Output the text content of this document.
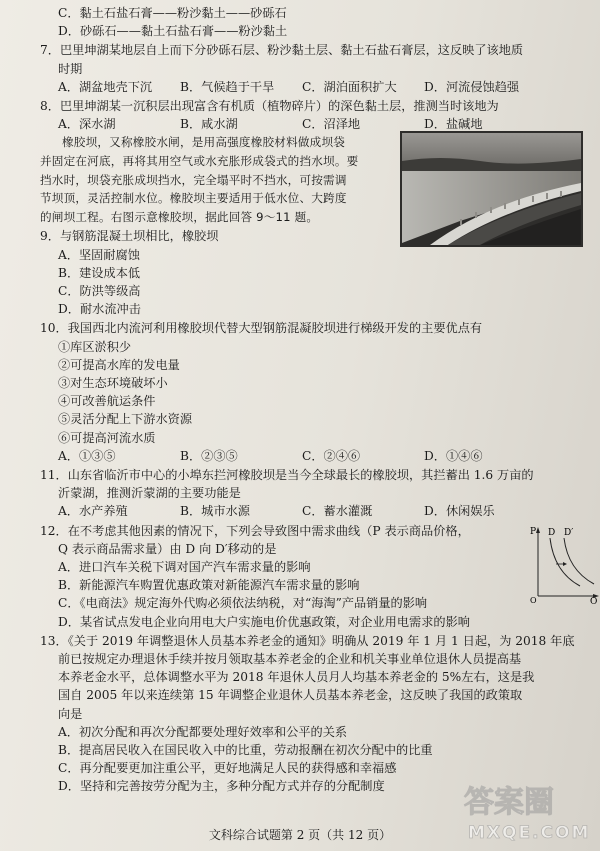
C．黏土石盐石膏——粉沙黏土——砂砾石
D．砂砾石——黏土石盐石膏——粉沙黏土
7．巴里坤湖某地层自上而下分砂砾石层、粉沙黏土层、黏土石盐石膏层，这反映了该地质
时期
A．湖盆地壳下沉	B．气候趋于干旱	C．湖泊面积扩大	D．河流侵蚀趋强
8．巴里坤湖某一沉积层出现富含有机质（植物碎片）的深色黏土层，推测当时该地为
A．深水湖	B．咸水湖	C．沼泽地	D．盐碱地
橡胶坝，又称橡胶水闸，是用高强度橡胶材料做成坝袋
并固定在河底，再将其用空气或水充胀形成袋式的挡水坝。要
挡水时，坝袋充胀成坝挡水，完全塌平时不挡水，可按需调
节坝顶，灵活控制水位。橡胶坝主要适用于低水位、大跨度
的闸坝工程。右图示意橡胶坝，据此回答 9～11 题。
9．与钢筋混凝土坝相比，橡胶坝
A．坚固耐腐蚀
B．建设成本低
C．防洪等级高
D．耐水流冲击
10．我国西北内流河利用橡胶坝代替大型钢筋混凝胶坝进行梯级开发的主要优点有
①库区淤积少
②可提高水库的发电量
③对生态环境破坏小
④可改善航运条件
⑤灵活分配上下游水资源
⑥可提高河流水质
A．①③⑤	B．②③⑤	C．②④⑥	D．①④⑥
11．山东省临沂市中心的小埠东拦河橡胶坝是当今全球最长的橡胶坝，其拦蓄出 1.6 万亩的
沂蒙湖，推测沂蒙湖的主要功能是
A．水产养殖	B．城市水源	C．蓄水灌溉	D．休闲娱乐
12．在不考虑其他因素的情况下，下列会导致图中需求曲线（P 表示商品价格，
Q 表示商品需求量）由 D 向 D′移动的是
A．进口汽车关税下调对国产汽车需求量的影响
B．新能源汽车购置优惠政策对新能源汽车需求量的影响
C．《电商法》规定海外代购必须依法纳税，对“海淘”产品销量的影响
D．某省试点发电企业向用电大户实施电价优惠政策，对企业用电需求的影响
P D D′
O	Q
13．《关于 2019 年调整退休人员基本养老金的通知》明确从 2019 年 1 月 1 日起，为 2018 年底
前已按规定办理退休手续并按月领取基本养老金的企业和机关事业单位退休人员提高基
本养老金水平，总体调整水平为 2018 年退休人员月人均基本养老金的 5%左右，这是我
国自 2005 年以来连续第 15 年调整企业退休人员基本养老金，这反映了我国的政策取
向是
A．初次分配和再次分配都要处理好效率和公平的关系
B．提高居民收入在国民收入中的比重，劳动报酬在初次分配中的比重
C．再分配要更加注重公平，更好地满足人民的获得感和幸福感
D．坚持和完善按劳分配为主，多种分配方式并存的分配制度
文科综合试题第 2 页（共 12 页）
答案圈
MXQE.COM
